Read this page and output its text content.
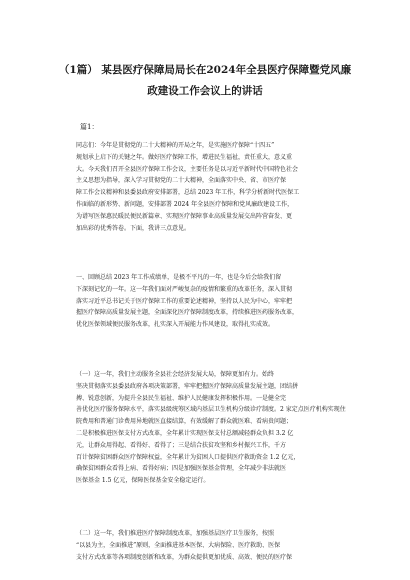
（1篇） 某县医疗保障局局长在2024年全县医疗保障暨党风廉
政建设工作会议上的讲话
篇1：
同志们：今年是贯彻党的二十大精神的开局之年，是实施医疗保障“十四五”
规划承上启下的关键之年。做好医疗保障工作，增进民生福祉，责任重大，意义重
大。今天我们召开全县医疗保障工作会议，主要任务是以习近平新时代中国特色社会
主义思想为指导，深入学习贯彻党的二十大精神，全面落实中央、省、市医疗保
障工作会议精神和县委县政府安排部署，总结 2023 年工作，科学分析新时代医保工
作面临的新形势、新问题，安排部署 2024 年全县医疗保障和党风廉政建设工作，
为谱写医保惠民暖民便民新篇章、实现医疗保障事业高质量发展交出阵营奋发、更
加出彩的优秀答卷。下面，我讲三点意见。
一、回顾总结 2023 年工作成绩单，是极不平凡的一年，也是今后会给我们留
下深刻记忆的一年。这一年我们面对严峻复杂的疫情和繁重的改革任务，深入贯彻
落实习近平总书记关于医疗保障工作的重要论述精神，坚持以人民为中心，牢牢把
握医疗保障高质量发展主题，全面深化医疗保障制度改革，持续推进医药服务改革，
优化医保领域便民服务改革，扎实深入开展能力作风建设，取得扎实成效。
（一）这一年，我们主动服务全县社会经济发展大局，保障更加有力。始终
坚决贯彻落实县委县政府各项决策部署，牢牢把握医疗保障高质量发展主题，团结拼
搏、锐意创新，为提升全县民生福祉、维护人民健康发挥积极作用。一是健全完
善优化医疗服务保障水平，落实县级统筹区域内基层卫生机构分级诊疗制度。2 家定点医疗机构实现住
院费用和普通门诊费用异地就医直接结算，有效缓解了群众就医难、看病贵问题；
二是积极推进医保支付方式改革，全年累计实现医保支付总额减轻群众负担 3.2 亿
元，让群众用得起、看得好、看得了；三是结合扶贫攻坚和乡村振兴工作，千方
百计保障贫困群众医疗保障权益，全年累计为贫困人口提供医疗救助资金 1.2 亿元，
确保贫困群众看得上病、看得好病；四是加强医保基金管理，全年减少非法就医
医保基金 1.5 亿元，保障医保基金安全稳定运行。
（二）这一年，我们推进医疗保障制度改革，加强基层医疗卫生服务，按照
“以县为主，全面推进”原则，全面推进基本医保、大病保险、医疗救助、医保
支付方式改革等各项制度创新和改革，为群众提供更加优质、高效、便民的医疗保
